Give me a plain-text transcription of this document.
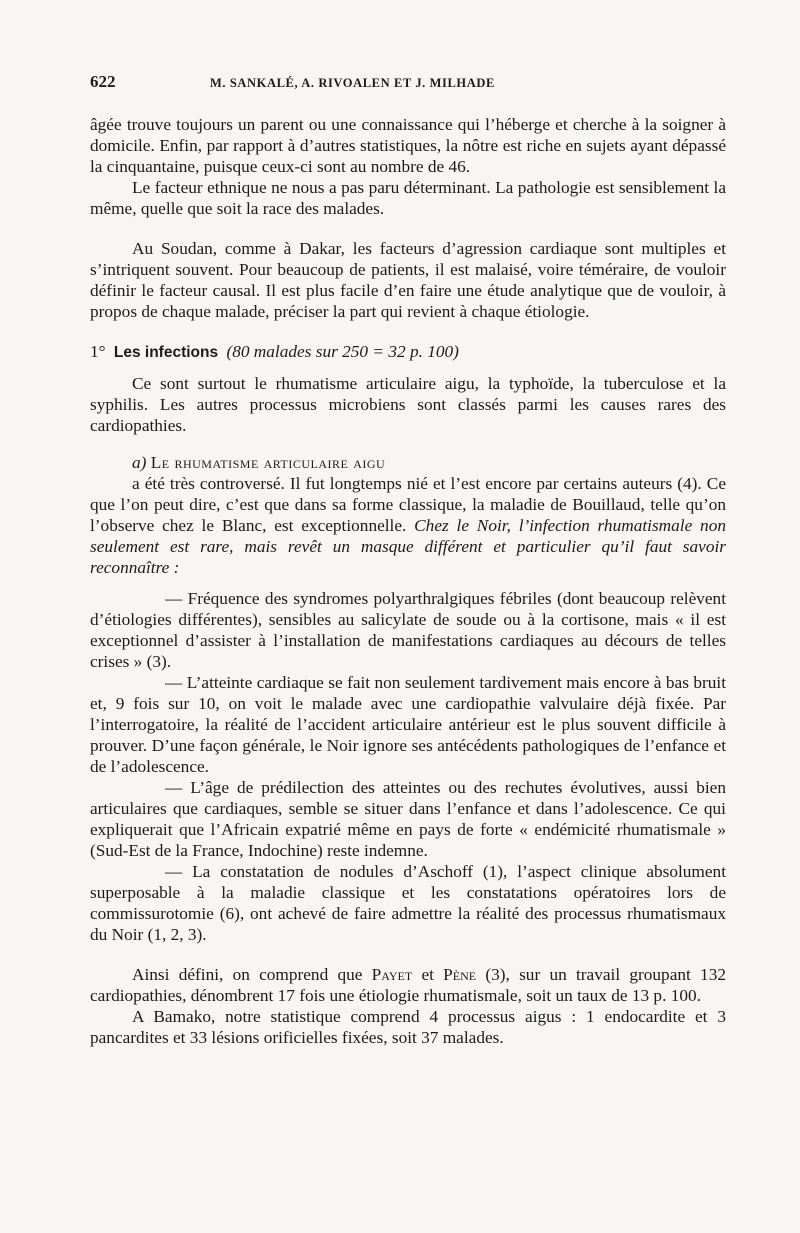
622	M. SANKALÉ, A. RIVOALEN ET J. MILHADE

âgée trouve toujours un parent ou une connaissance qui l’héberge et cherche à la soigner à domicile. Enfin, par rapport à d’autres statistiques, la nôtre est riche en sujets ayant dépassé la cinquantaine, puisque ceux-ci sont au nombre de 46.

Le facteur ethnique ne nous a pas paru déterminant. La pathologie est sensiblement la même, quelle que soit la race des malades.

Au Soudan, comme à Dakar, les facteurs d’agression cardiaque sont multiples et s’intriquent souvent. Pour beaucoup de patients, il est malaisé, voire téméraire, de vouloir définir le facteur causal. Il est plus facile d’en faire une étude analytique que de vouloir, à propos de chaque malade, préciser la part qui revient à chaque étiologie.

1° Les infections (80 malades sur 250 = 32 p. 100)

Ce sont surtout le rhumatisme articulaire aigu, la typhoïde, la tuberculose et la syphilis. Les autres processus microbiens sont classés parmi les causes rares des cardiopathies.

a) Le rhumatisme articulaire aigu

a été très controversé. Il fut longtemps nié et l’est encore par certains auteurs (4). Ce que l’on peut dire, c’est que dans sa forme classique, la maladie de Bouillaud, telle qu’on l’observe chez le Blanc, est exceptionnelle. Chez le Noir, l’infection rhumatismale non seulement est rare, mais revêt un masque différent et particulier qu’il faut savoir reconnaître :

— Fréquence des syndromes polyarthralgiques fébriles (dont beaucoup relèvent d’étiologies différentes), sensibles au salicylate de soude ou à la cortisone, mais « il est exceptionnel d’assister à l’installation de manifestations cardiaques au décours de telles crises » (3).

— L’atteinte cardiaque se fait non seulement tardivement mais encore à bas bruit et, 9 fois sur 10, on voit le malade avec une cardiopathie valvulaire déjà fixée. Par l’interrogatoire, la réalité de l’accident articulaire antérieur est le plus souvent difficile à prouver. D’une façon générale, le Noir ignore ses antécédents pathologiques de l’enfance et de l’adolescence.

— L’âge de prédilection des atteintes ou des rechutes évolutives, aussi bien articulaires que cardiaques, semble se situer dans l’enfance et dans l’adolescence. Ce qui expliquerait que l’Africain expatrié même en pays de forte « endémicité rhumatismale » (Sud-Est de la France, Indochine) reste indemne.

— La constatation de nodules d’Aschoff (1), l’aspect clinique absolument superposable à la maladie classique et les constatations opératoires lors de commissurotomie (6), ont achevé de faire admettre la réalité des processus rhumatismaux du Noir (1, 2, 3).

Ainsi défini, on comprend que Payet et Pène (3), sur un travail groupant 132 cardiopathies, dénombrent 17 fois une étiologie rhumatismale, soit un taux de 13 p. 100.

A Bamako, notre statistique comprend 4 processus aigus : 1 endocardite et 3 pancardites et 33 lésions orificielles fixées, soit 37 malades.
